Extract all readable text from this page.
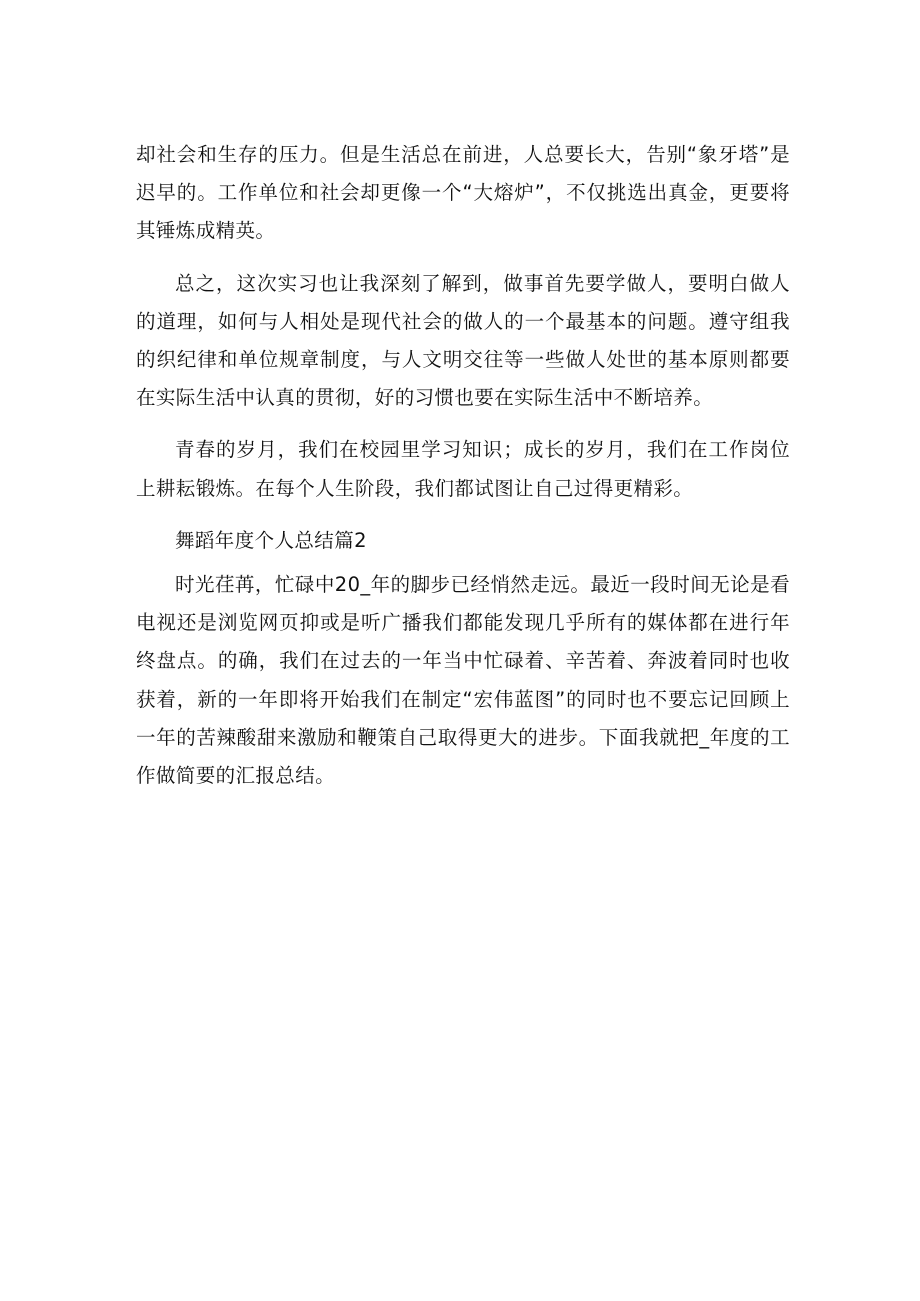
却社会和生存的压力。但是生活总在前进，人总要长大，告别“象牙塔”是迟早的。工作单位和社会却更像一个“大熔炉”，不仅挑选出真金，更要将其锤炼成精英。

总之，这次实习也让我深刻了解到，做事首先要学做人，要明白做人的道理，如何与人相处是现代社会的做人的一个最基本的问题。遵守组我的织纪律和单位规章制度，与人文明交往等一些做人处世的基本原则都要在实际生活中认真的贯彻，好的习惯也要在实际生活中不断培养。

青春的岁月，我们在校园里学习知识；成长的岁月，我们在工作岗位上耕耘锻炼。在每个人生阶段，我们都试图让自己过得更精彩。

舞蹈年度个人总结篇2

时光荏苒，忙碌中20_年的脚步已经悄然走远。最近一段时间无论是看电视还是浏览网页抑或是听广播我们都能发现几乎所有的媒体都在进行年终盘点。的确，我们在过去的一年当中忙碌着、辛苦着、奔波着同时也收获着，新的一年即将开始我们在制定“宏伟蓝图”的同时也不要忘记回顾上一年的苦辣酸甜来激励和鞭策自己取得更大的进步。下面我就把_年度的工作做简要的汇报总结。
